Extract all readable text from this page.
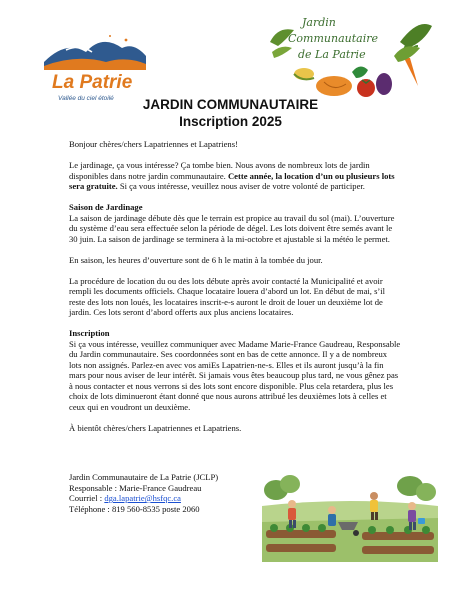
La Patrie
Vallée du ciel étoilé
Jardin
Communautaire
de La Patrie
JARDIN COMMUNAUTAIRE
Inscription 2025

Bonjour chères/chers Lapatriennes et Lapatriens!

Le jardinage, ça vous intéresse? Ça tombe bien. Nous avons de nombreux lots de jardin disponibles dans notre jardin communautaire. Cette année, la location d’un ou plusieurs lots sera gratuite. Si ça vous intéresse, veuillez nous aviser de votre volonté de participer.

Saison de Jardinage

La saison de jardinage débute dès que le terrain est propice au travail du sol (mai). L’ouverture du système d’eau sera effectuée selon la période de dégel. Les lots doivent être semés avant le 30 juin. La saison de jardinage se terminera à la mi-octobre et ajustable si la météo le permet.

En saison, les heures d’ouverture sont de 6 h le matin à la tombée du jour.

La procédure de location du ou des lots débute après avoir contacté la Municipalité et avoir rempli les documents officiels. Chaque locataire louera d’abord un lot. En début de mai, s’il reste des lots non loués, les locataires inscrit-e-s auront le droit de louer un deuxième lot de jardin. Ces lots seront d’abord offerts aux plus anciens locataires.

Inscription

Si ça vous intéresse, veuillez communiquer avec Madame Marie-France Gaudreau, Responsable du Jardin communautaire. Ses coordonnées sont en bas de cette annonce. Il y a de nombreux lots non assignés. Parlez-en avec vos amiEs Lapatrien-ne-s. Elles et ils auront jusqu’à la fin mars pour nous aviser de leur intérêt. Si jamais vous êtes beaucoup plus tard, ne vous gênez pas à nous contacter et nous verrons si des lots sont encore disponible. Plus cela retardera, plus les choix de lots diminueront étant donné que nous aurons attribué les deuxièmes lots à celles et ceux qui en voudront un deuxième.

À bientôt chères/chers Lapatriennes et Lapatriens.

Jardin Communautaire de La Patrie (JCLP)
Responsable : Marie-France Gaudreau
Courriel : dga.lapatrie@hsfqc.ca
Téléphone : 819 560-8535 poste 2060
